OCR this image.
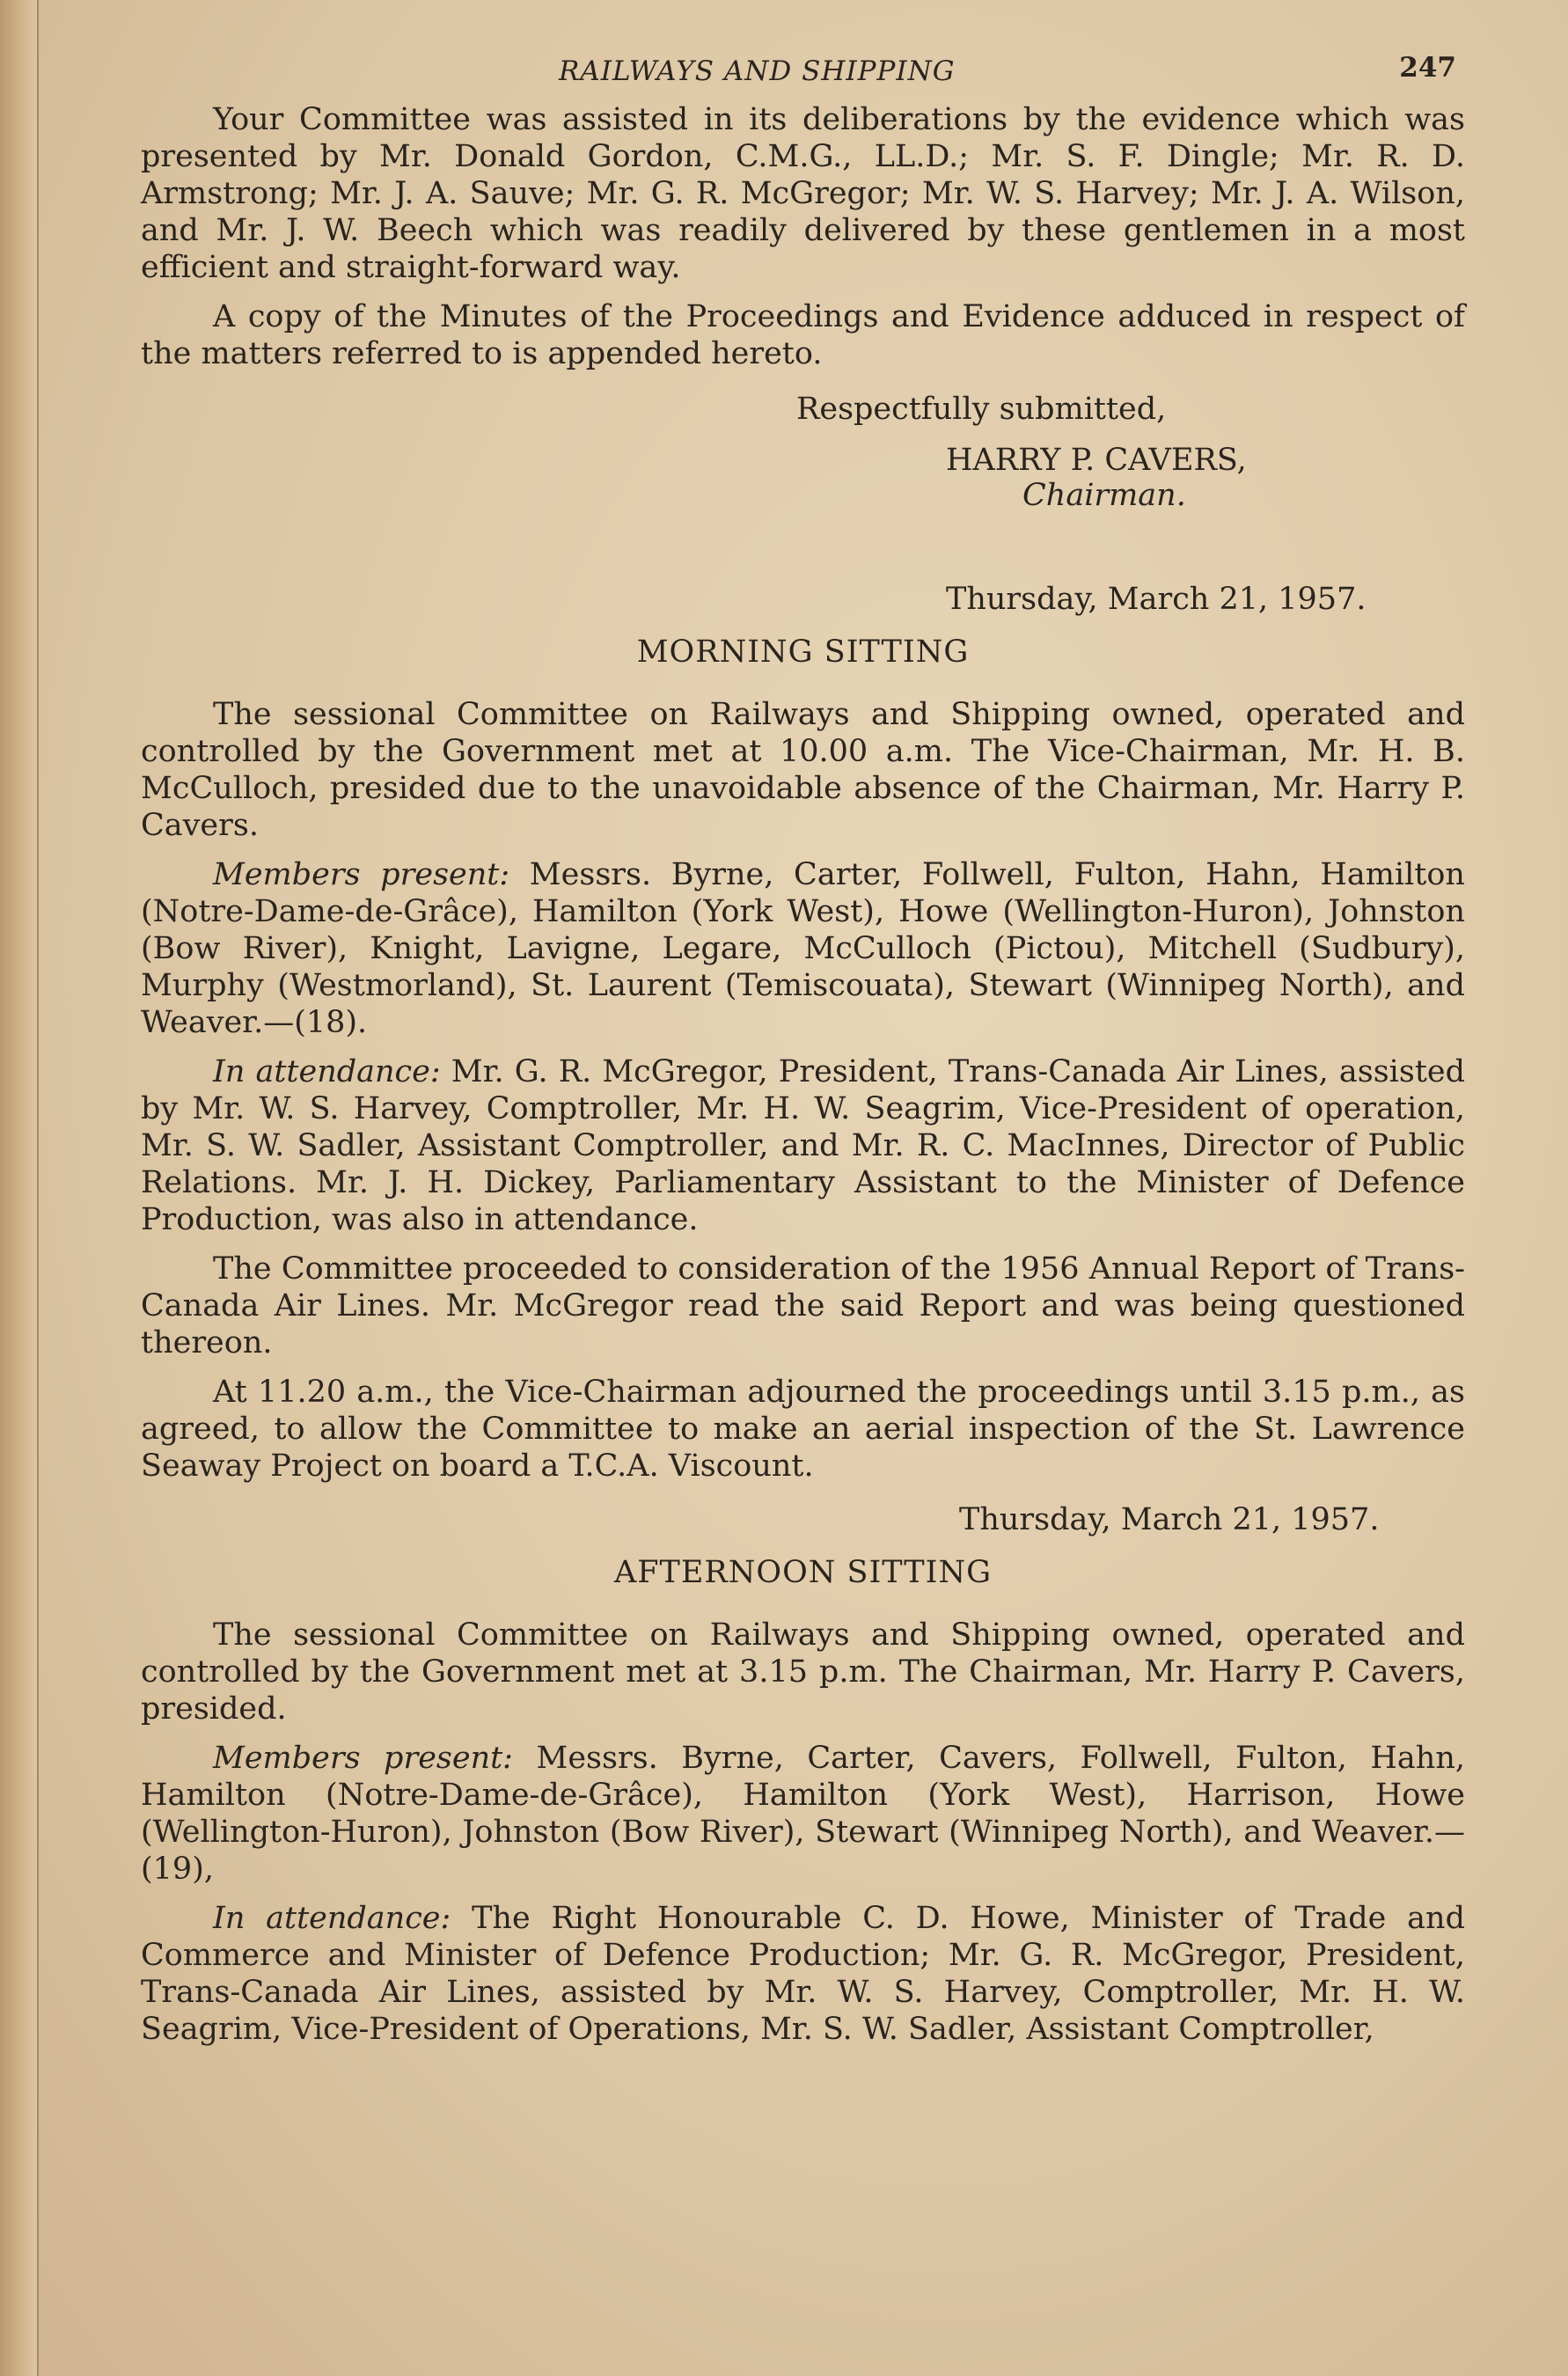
RAILWAYS AND SHIPPING	247

Your Committee was assisted in its deliberations by the evidence which was presented by Mr. Donald Gordon, C.M.G., LL.D.; Mr. S. F. Dingle; Mr. R. D. Armstrong; Mr. J. A. Sauve; Mr. G. R. McGregor; Mr. W. S. Harvey; Mr. J. A. Wilson, and Mr. J. W. Beech which was readily delivered by these gentlemen in a most efficient and straight-forward way.

A copy of the Minutes of the Proceedings and Evidence adduced in respect of the matters referred to is appended hereto.

Respectfully submitted,
HARRY P. CAVERS,
Chairman.
Thursday, March 21, 1957.
MORNING SITTING

The sessional Committee on Railways and Shipping owned, operated and controlled by the Government met at 10.00 a.m. The Vice-Chairman, Mr. H. B. McCulloch, presided due to the unavoidable absence of the Chairman, Mr. Harry P. Cavers.

Members present: Messrs. Byrne, Carter, Follwell, Fulton, Hahn, Hamilton (Notre-Dame-de-Grâce), Hamilton (York West), Howe (Wellington-Huron), Johnston (Bow River), Knight, Lavigne, Legare, McCulloch (Pictou), Mitchell (Sudbury), Murphy (Westmorland), St. Laurent (Temiscouata), Stewart (Winnipeg North), and Weaver.—(18).

In attendance: Mr. G. R. McGregor, President, Trans-Canada Air Lines, assisted by Mr. W. S. Harvey, Comptroller, Mr. H. W. Seagrim, Vice-President of operation, Mr. S. W. Sadler, Assistant Comptroller, and Mr. R. C. MacInnes, Director of Public Relations. Mr. J. H. Dickey, Parliamentary Assistant to the Minister of Defence Production, was also in attendance.

The Committee proceeded to consideration of the 1956 Annual Report of Trans-Canada Air Lines. Mr. McGregor read the said Report and was being questioned thereon.

At 11.20 a.m., the Vice-Chairman adjourned the proceedings until 3.15 p.m., as agreed, to allow the Committee to make an aerial inspection of the St. Lawrence Seaway Project on board a T.C.A. Viscount.

Thursday, March 21, 1957.
AFTERNOON SITTING

The sessional Committee on Railways and Shipping owned, operated and controlled by the Government met at 3.15 p.m. The Chairman, Mr. Harry P. Cavers, presided.

Members present: Messrs. Byrne, Carter, Cavers, Follwell, Fulton, Hahn, Hamilton (Notre-Dame-de-Grâce), Hamilton (York West), Harrison, Howe (Wellington-Huron), Johnston (Bow River), Stewart (Winnipeg North), and Weaver.—(19),

In attendance: The Right Honourable C. D. Howe, Minister of Trade and Commerce and Minister of Defence Production; Mr. G. R. McGregor, President, Trans-Canada Air Lines, assisted by Mr. W. S. Harvey, Comptroller, Mr. H. W. Seagrim, Vice-President of Operations, Mr. S. W. Sadler, Assistant Comptroller,
